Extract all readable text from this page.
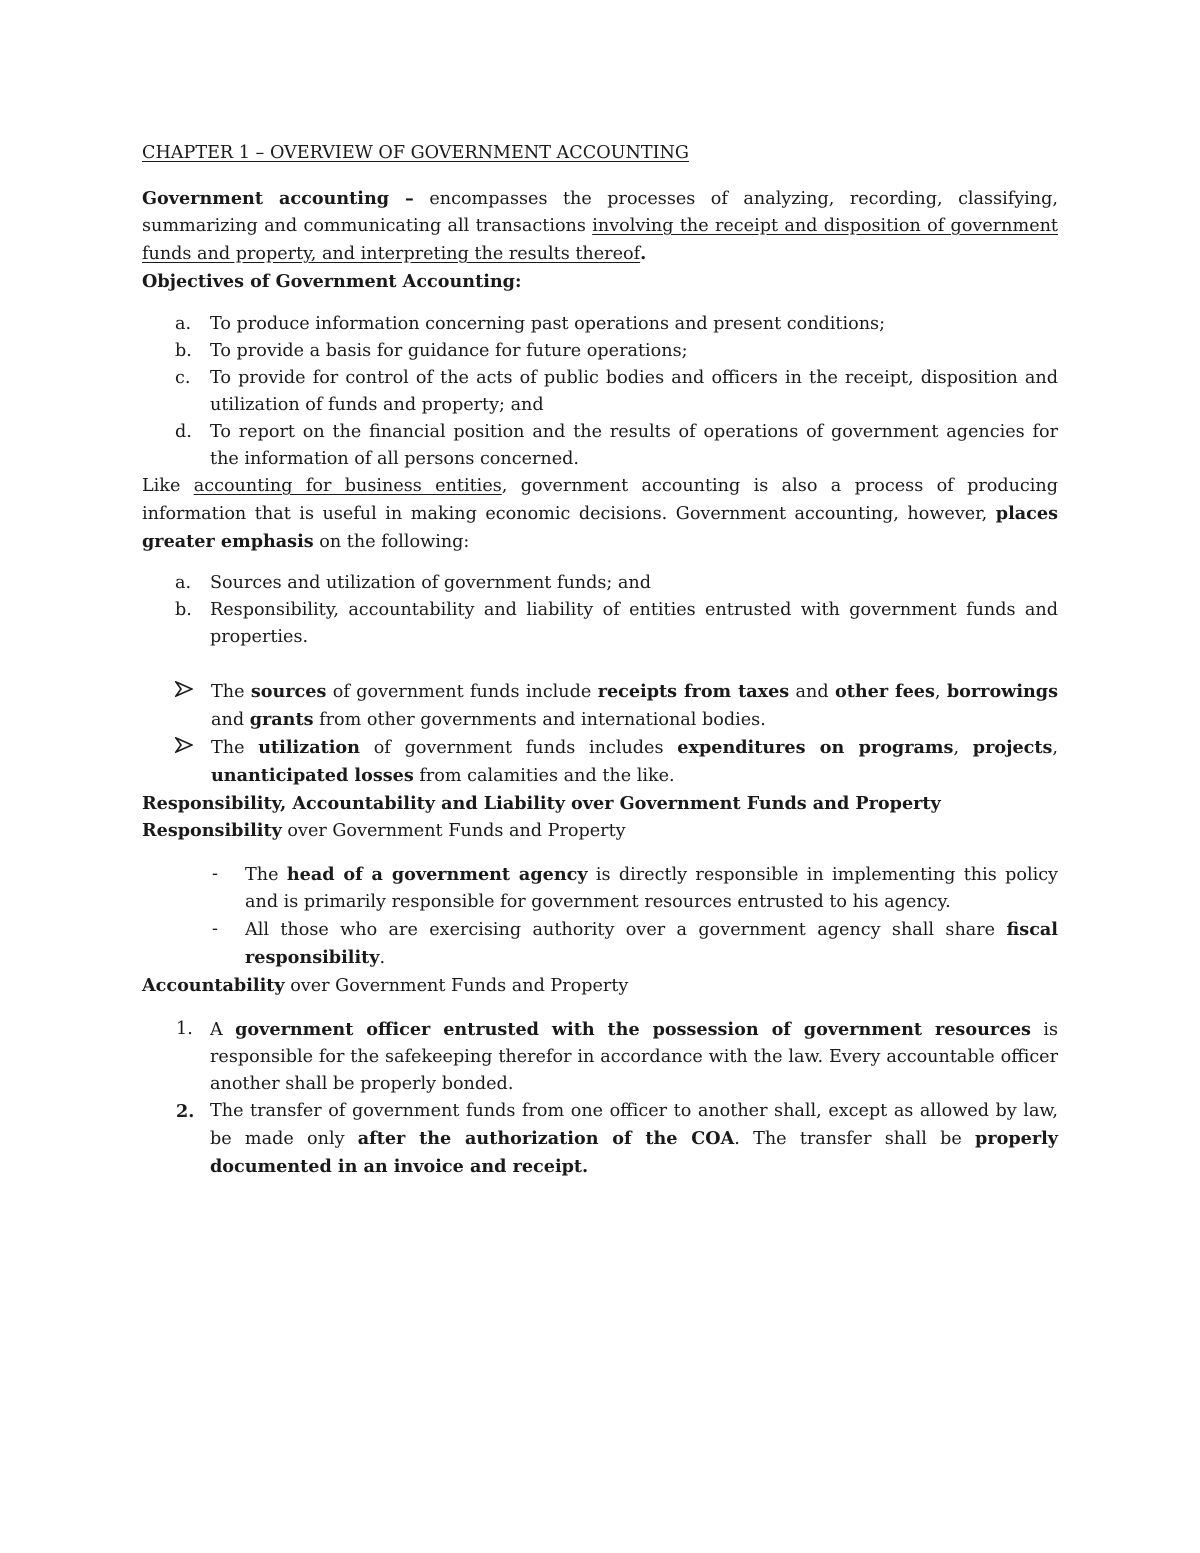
CHAPTER 1 – OVERVIEW OF GOVERNMENT ACCOUNTING

Government accounting – encompasses the processes of analyzing, recording, classifying, summarizing and communicating all transactions involving the receipt and disposition of government funds and property, and interpreting the results thereof.

Objectives of Government Accounting:

a.	To produce information concerning past operations and present conditions;
b.	To provide a basis for guidance for future operations;
c.	To provide for control of the acts of public bodies and officers in the receipt, disposition and utilization of funds and property; and
d.	To report on the financial position and the results of operations of government agencies for the information of all persons concerned.

Like accounting for business entities, government accounting is also a process of producing information that is useful in making economic decisions. Government accounting, however, places greater emphasis on the following:

a.	Sources and utilization of government funds; and
b.	Responsibility, accountability and liability of entities entrusted with government funds and properties.
The sources of government funds include receipts from taxes and other fees, borrowings and grants from other governments and international bodies.
The utilization of government funds includes expenditures on programs, projects, unanticipated losses from calamities and the like.

Responsibility, Accountability and Liability over Government Funds and Property

Responsibility over Government Funds and Property

-	The head of a government agency is directly responsible in implementing this policy and is primarily responsible for government resources entrusted to his agency.
-	All those who are exercising authority over a government agency shall share fiscal responsibility.

Accountability over Government Funds and Property

1. A government officer entrusted with the possession of government resources is responsible for the safekeeping therefor in accordance with the law. Every accountable officer another shall be properly bonded.
2. The transfer of government funds from one officer to another shall, except as allowed by law, be made only after the authorization of the COA. The transfer shall be properly documented in an invoice and receipt.
